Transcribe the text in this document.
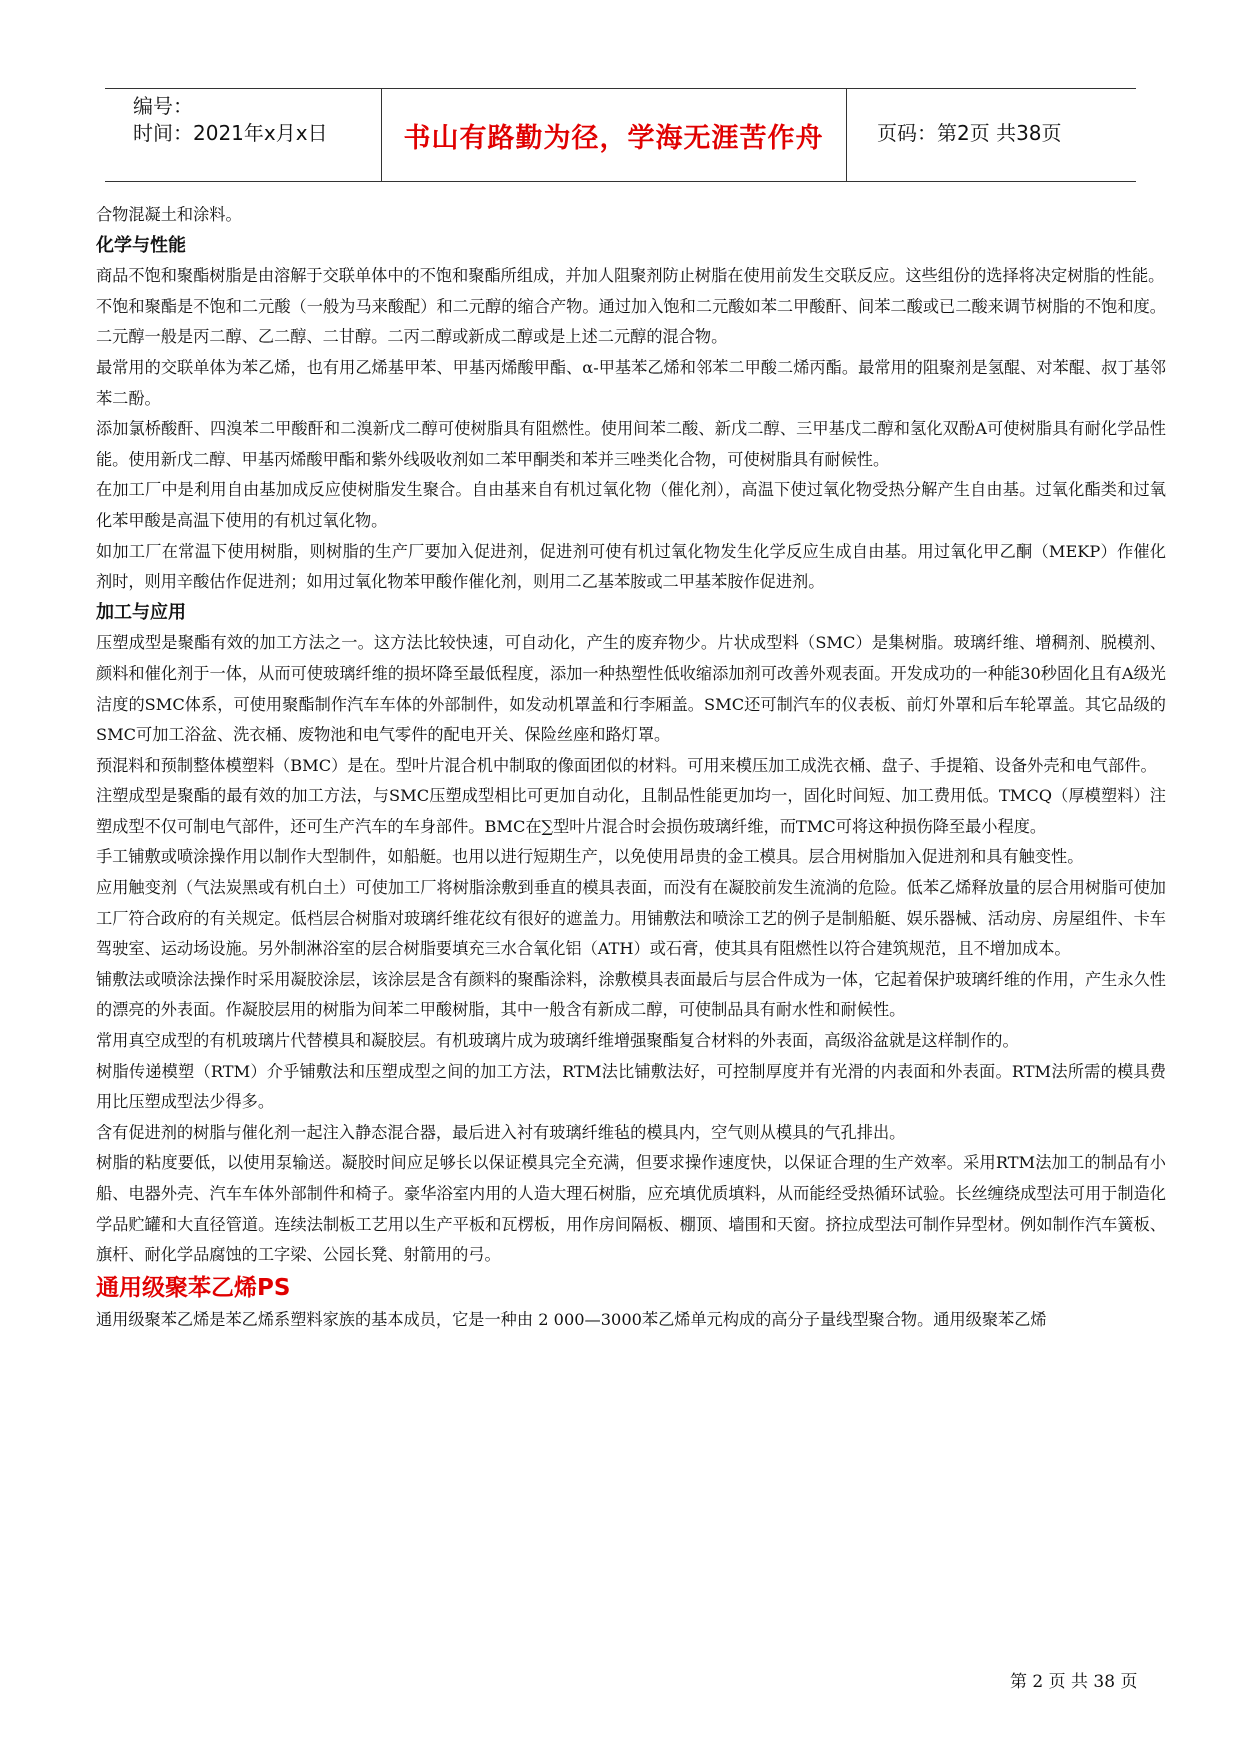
编号：
时间：2021年x月x日	书山有路勤为径，学海无涯苦作舟	页码：第2页 共38页

合物混凝土和涂料。

化学与性能

商品不饱和聚酯树脂是由溶解于交联单体中的不饱和聚酯所组成，并加人阻聚剂防止树脂在使用前发生交联反应。这些组份的选择将决定树脂的性能。

不饱和聚酯是不饱和二元酸（一般为马来酸配）和二元醇的缩合产物。通过加入饱和二元酸如苯二甲酸酐、间苯二酸或已二酸来调节树脂的不饱和度。二元醇一般是丙二醇、乙二醇、二甘醇。二丙二醇或新成二醇或是上述二元醇的混合物。

最常用的交联单体为苯乙烯，也有用乙烯基甲苯、甲基丙烯酸甲酯、α-甲基苯乙烯和邻苯二甲酸二烯丙酯。最常用的阻聚剂是氢醌、对苯醌、叔丁基邻苯二酚。

添加氯桥酸酐、四溴苯二甲酸酐和二溴新戊二醇可使树脂具有阻燃性。使用间苯二酸、新戊二醇、三甲基戊二醇和氢化双酚A可使树脂具有耐化学品性能。使用新戊二醇、甲基丙烯酸甲酯和紫外线吸收剂如二苯甲酮类和苯并三唑类化合物，可使树脂具有耐候性。

在加工厂中是利用自由基加成反应使树脂发生聚合。自由基来自有机过氧化物（催化剂），高温下使过氧化物受热分解产生自由基。过氧化酯类和过氧化苯甲酸是高温下使用的有机过氧化物。

如加工厂在常温下使用树脂，则树脂的生产厂要加入促进剂，促进剂可使有机过氧化物发生化学反应生成自由基。用过氧化甲乙酮（MEKP）作催化剂时，则用辛酸估作促进剂；如用过氧化物苯甲酸作催化剂，则用二乙基苯胺或二甲基苯胺作促进剂。

加工与应用

压塑成型是聚酯有效的加工方法之一。这方法比较快速，可自动化，产生的废弃物少。片状成型料（SMC）是集树脂。玻璃纤维、增稠剂、脱模剂、颜料和催化剂于一体，从而可使玻璃纤维的损坏降至最低程度，添加一种热塑性低收缩添加剂可改善外观表面。开发成功的一种能30秒固化且有A级光洁度的SMC体系，可使用聚酯制作汽车车体的外部制件，如发动机罩盖和行李厢盖。SMC还可制汽车的仪表板、前灯外罩和后车轮罩盖。其它品级的SMC可加工浴盆、洗衣桶、废物池和电气零件的配电开关、保险丝座和路灯罩。

预混料和预制整体模塑料（BMC）是在。型叶片混合机中制取的像面团似的材料。可用来模压加工成洗衣桶、盘子、手提箱、设备外壳和电气部件。

注塑成型是聚酯的最有效的加工方法，与SMC压塑成型相比可更加自动化，且制品性能更加均一，固化时间短、加工费用低。TMCQ（厚模塑料）注塑成型不仅可制电气部件，还可生产汽车的车身部件。BMC在∑型叶片混合时会损伤玻璃纤维，而TMC可将这种损伤降至最小程度。

手工铺敷或喷涂操作用以制作大型制件，如船艇。也用以进行短期生产，以免使用昂贵的金工模具。层合用树脂加入促进剂和具有触变性。

应用触变剂（气法炭黑或有机白土）可使加工厂将树脂涂敷到垂直的模具表面，而没有在凝胶前发生流淌的危险。低苯乙烯释放量的层合用树脂可使加工厂符合政府的有关规定。低档层合树脂对玻璃纤维花纹有很好的遮盖力。用铺敷法和喷涂工艺的例子是制船艇、娱乐器械、活动房、房屋组件、卡车驾驶室、运动场设施。另外制淋浴室的层合树脂要填充三水合氧化铝（ATH）或石膏，使其具有阻燃性以符合建筑规范，且不增加成本。

铺敷法或喷涂法操作时采用凝胶涂层，该涂层是含有颜料的聚酯涂料，涂敷模具表面最后与层合件成为一体，它起着保护玻璃纤维的作用，产生永久性的漂亮的外表面。作凝胶层用的树脂为间苯二甲酸树脂，其中一般含有新成二醇，可使制品具有耐水性和耐候性。

常用真空成型的有机玻璃片代替模具和凝胶层。有机玻璃片成为玻璃纤维增强聚酯复合材料的外表面，高级浴盆就是这样制作的。

树脂传递模塑（RTM）介乎铺敷法和压塑成型之间的加工方法，RTM法比铺敷法好，可控制厚度并有光滑的内表面和外表面。RTM法所需的模具费用比压塑成型法少得多。

含有促进剂的树脂与催化剂一起注入静态混合器，最后进入衬有玻璃纤维毡的模具内，空气则从模具的气孔排出。

树脂的粘度要低，以使用泵输送。凝胶时间应足够长以保证模具完全充满，但要求操作速度快，以保证合理的生产效率。采用RTM法加工的制品有小船、电器外壳、汽车车体外部制件和椅子。豪华浴室内用的人造大理石树脂，应充填优质填料，从而能经受热循环试验。长丝缠绕成型法可用于制造化学品贮罐和大直径管道。连续法制板工艺用以生产平板和瓦楞板，用作房间隔板、棚顶、墙围和天窗。挤拉成型法可制作异型材。例如制作汽车簧板、旗杆、耐化学品腐蚀的工字梁、公园长凳、射箭用的弓。

通用级聚苯乙烯PS

通用级聚苯乙烯是苯乙烯系塑料家族的基本成员，它是一种由 2 000—3000苯乙烯单元构成的高分子量线型聚合物。通用级聚苯乙烯

第 2 页 共 38 页
